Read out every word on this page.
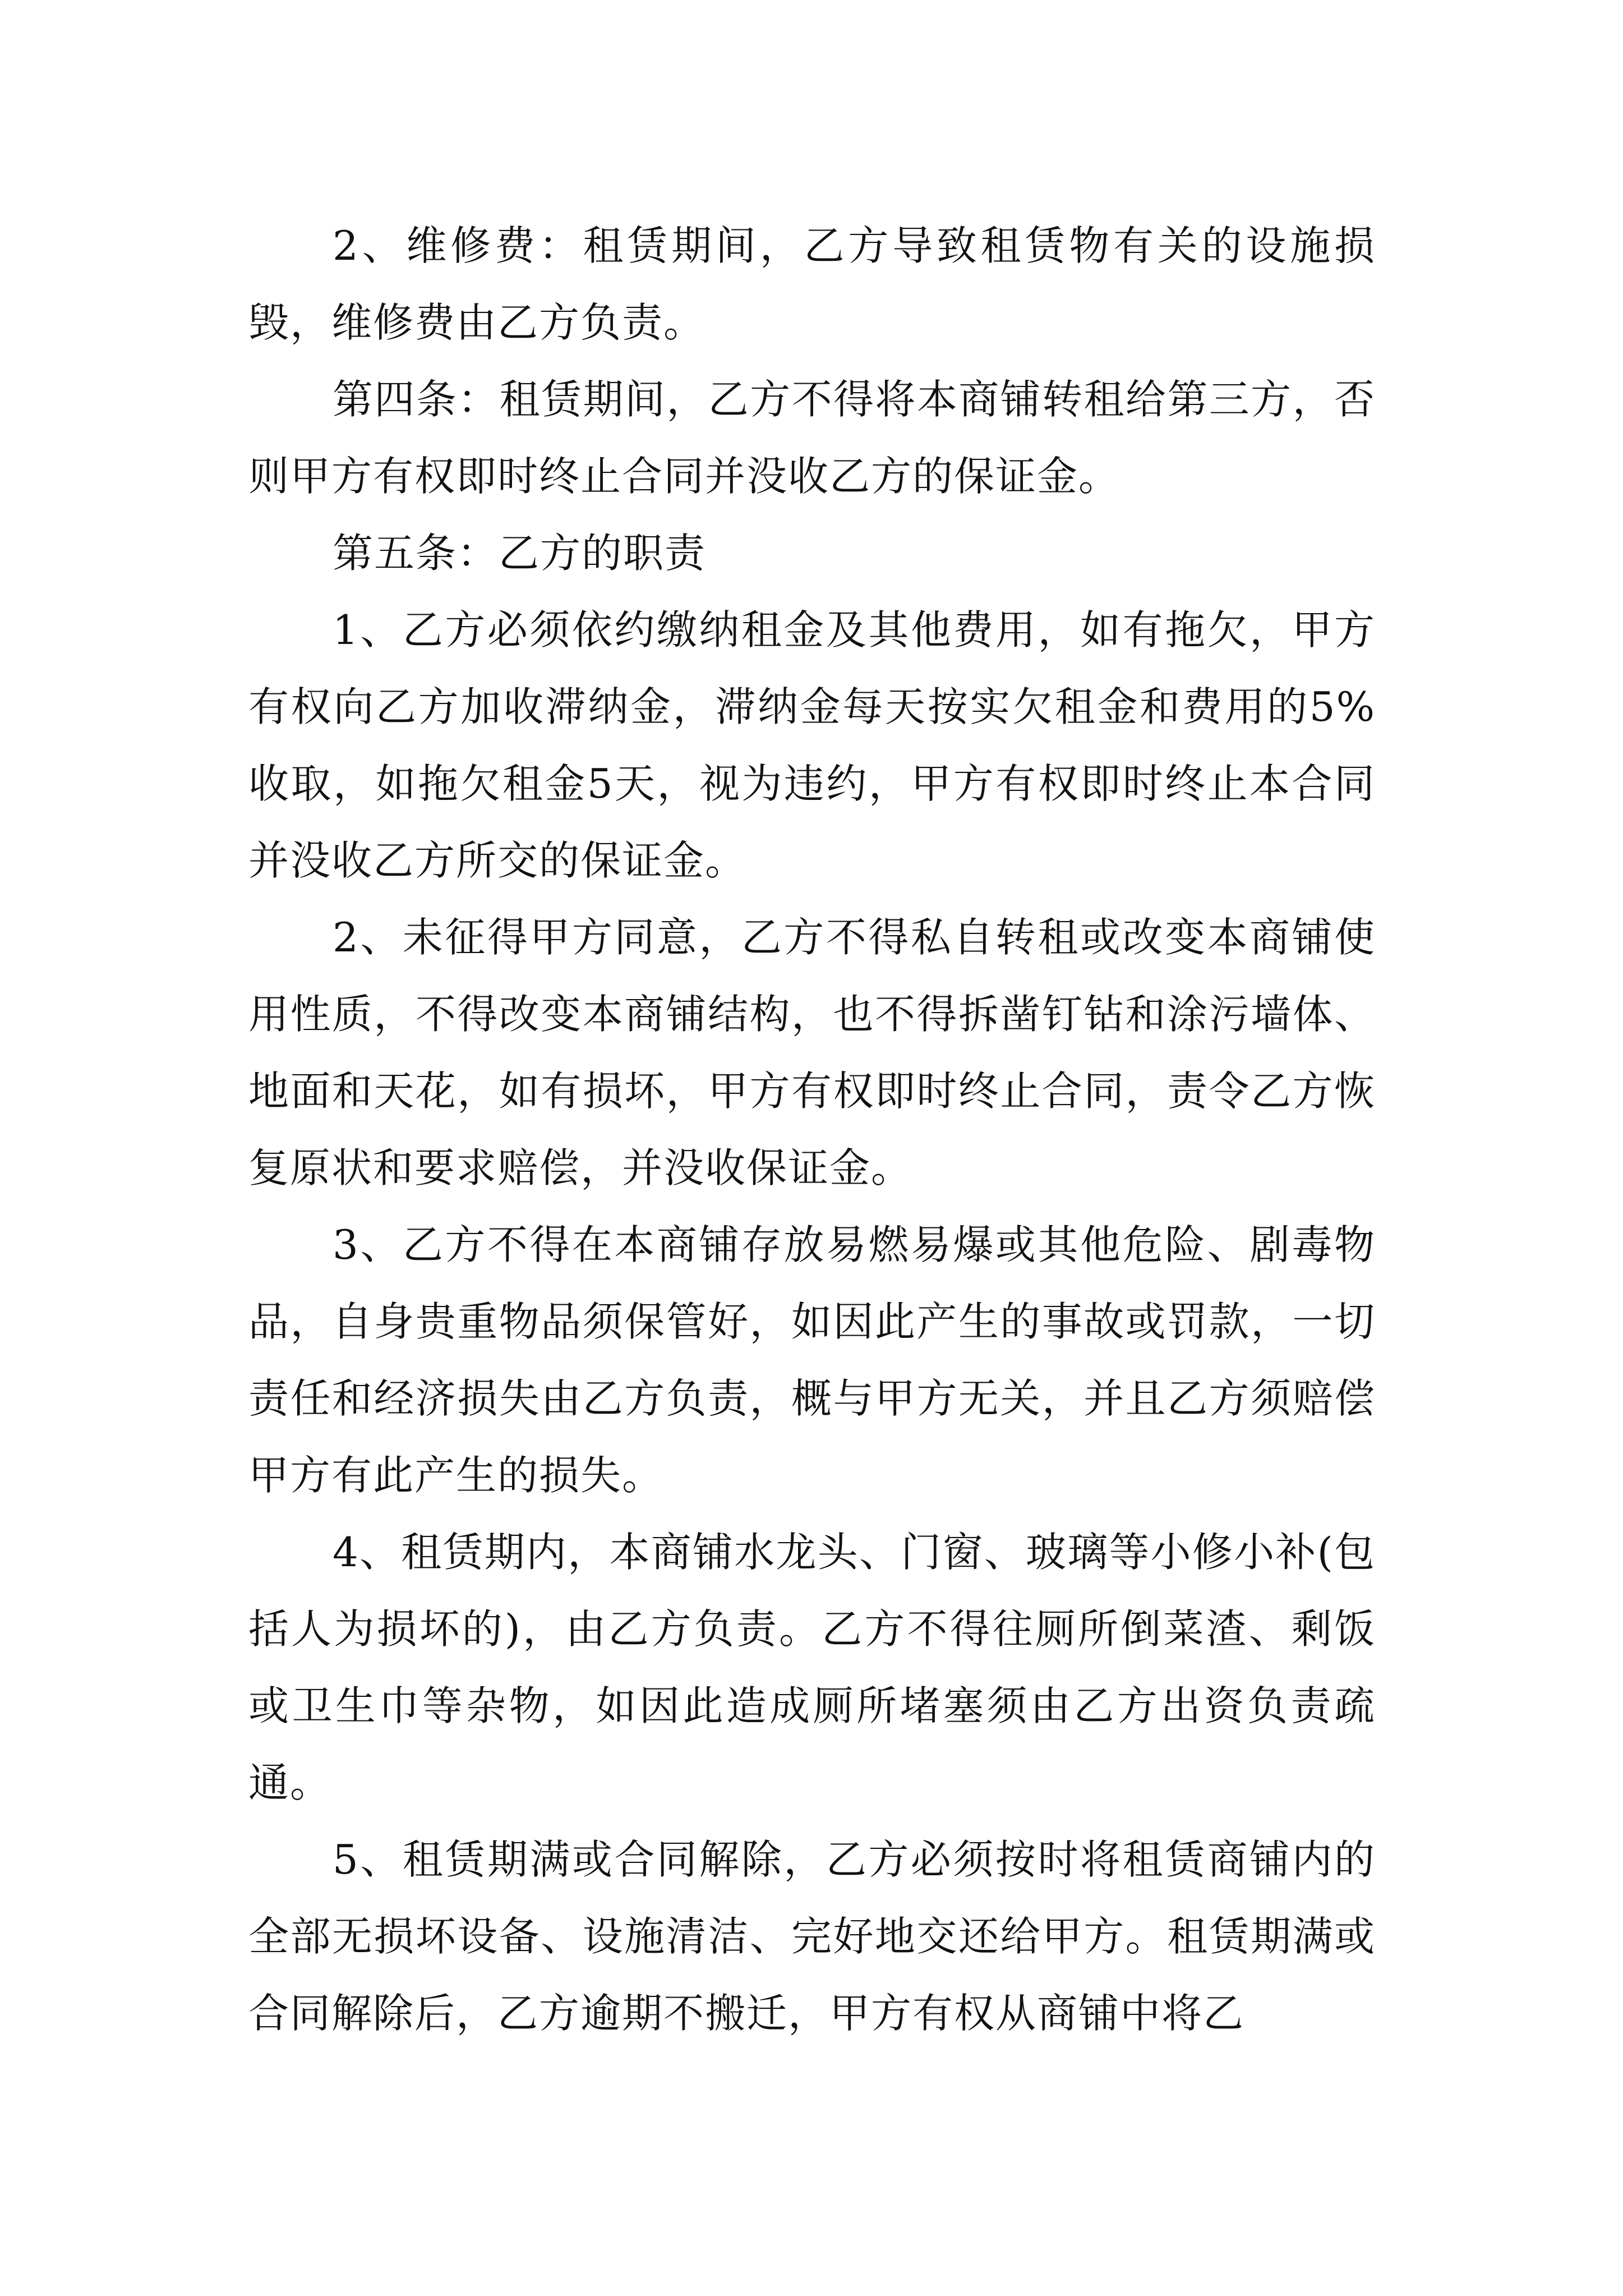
2、维修费：租赁期间，乙方导致租赁物有关的设施损毁，维修费由乙方负责。

第四条：租赁期间，乙方不得将本商铺转租给第三方，否则甲方有权即时终止合同并没收乙方的保证金。

第五条：乙方的职责

1、乙方必须依约缴纳租金及其他费用，如有拖欠，甲方有权向乙方加收滞纳金，滞纳金每天按实欠租金和费用的5%收取，如拖欠租金5天，视为违约，甲方有权即时终止本合同并没收乙方所交的保证金。

2、未征得甲方同意，乙方不得私自转租或改变本商铺使用性质，不得改变本商铺结构，也不得拆凿钉钻和涂污墙体、地面和天花，如有损坏，甲方有权即时终止合同，责令乙方恢复原状和要求赔偿，并没收保证金。

3、乙方不得在本商铺存放易燃易爆或其他危险、剧毒物品，自身贵重物品须保管好，如因此产生的事故或罚款，一切责任和经济损失由乙方负责，概与甲方无关，并且乙方须赔偿甲方有此产生的损失。

4、租赁期内，本商铺水龙头、门窗、玻璃等小修小补(包括人为损坏的)，由乙方负责。乙方不得往厕所倒菜渣、剩饭或卫生巾等杂物，如因此造成厕所堵塞须由乙方出资负责疏通。

5、租赁期满或合同解除，乙方必须按时将租赁商铺内的全部无损坏设备、设施清洁、完好地交还给甲方。租赁期满或合同解除后，乙方逾期不搬迁，甲方有权从商铺中将乙
